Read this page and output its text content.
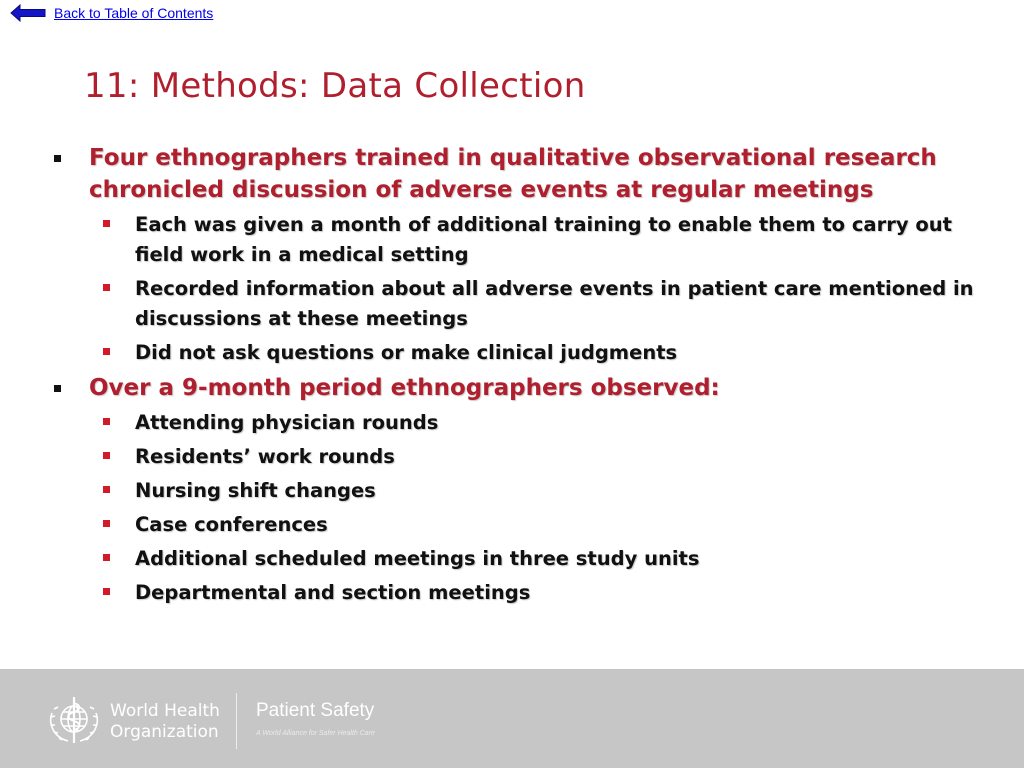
Back to Table of Contents
11: Methods: Data Collection
Four ethnographers trained in qualitative observational research chronicled discussion of adverse events at regular meetings
Each was given a month of additional training to enable them to carry out field work in a medical setting
Recorded information about all adverse events in patient care mentioned in discussions at these meetings
Did not ask questions or make clinical judgments
Over a 9-month period ethnographers observed:
Attending physician rounds
Residents’ work rounds
Nursing shift changes
Case conferences
Additional scheduled meetings in three study units
Departmental and section meetings
World Health
Organization
Patient Safety
A World Alliance for Safer Health Care
